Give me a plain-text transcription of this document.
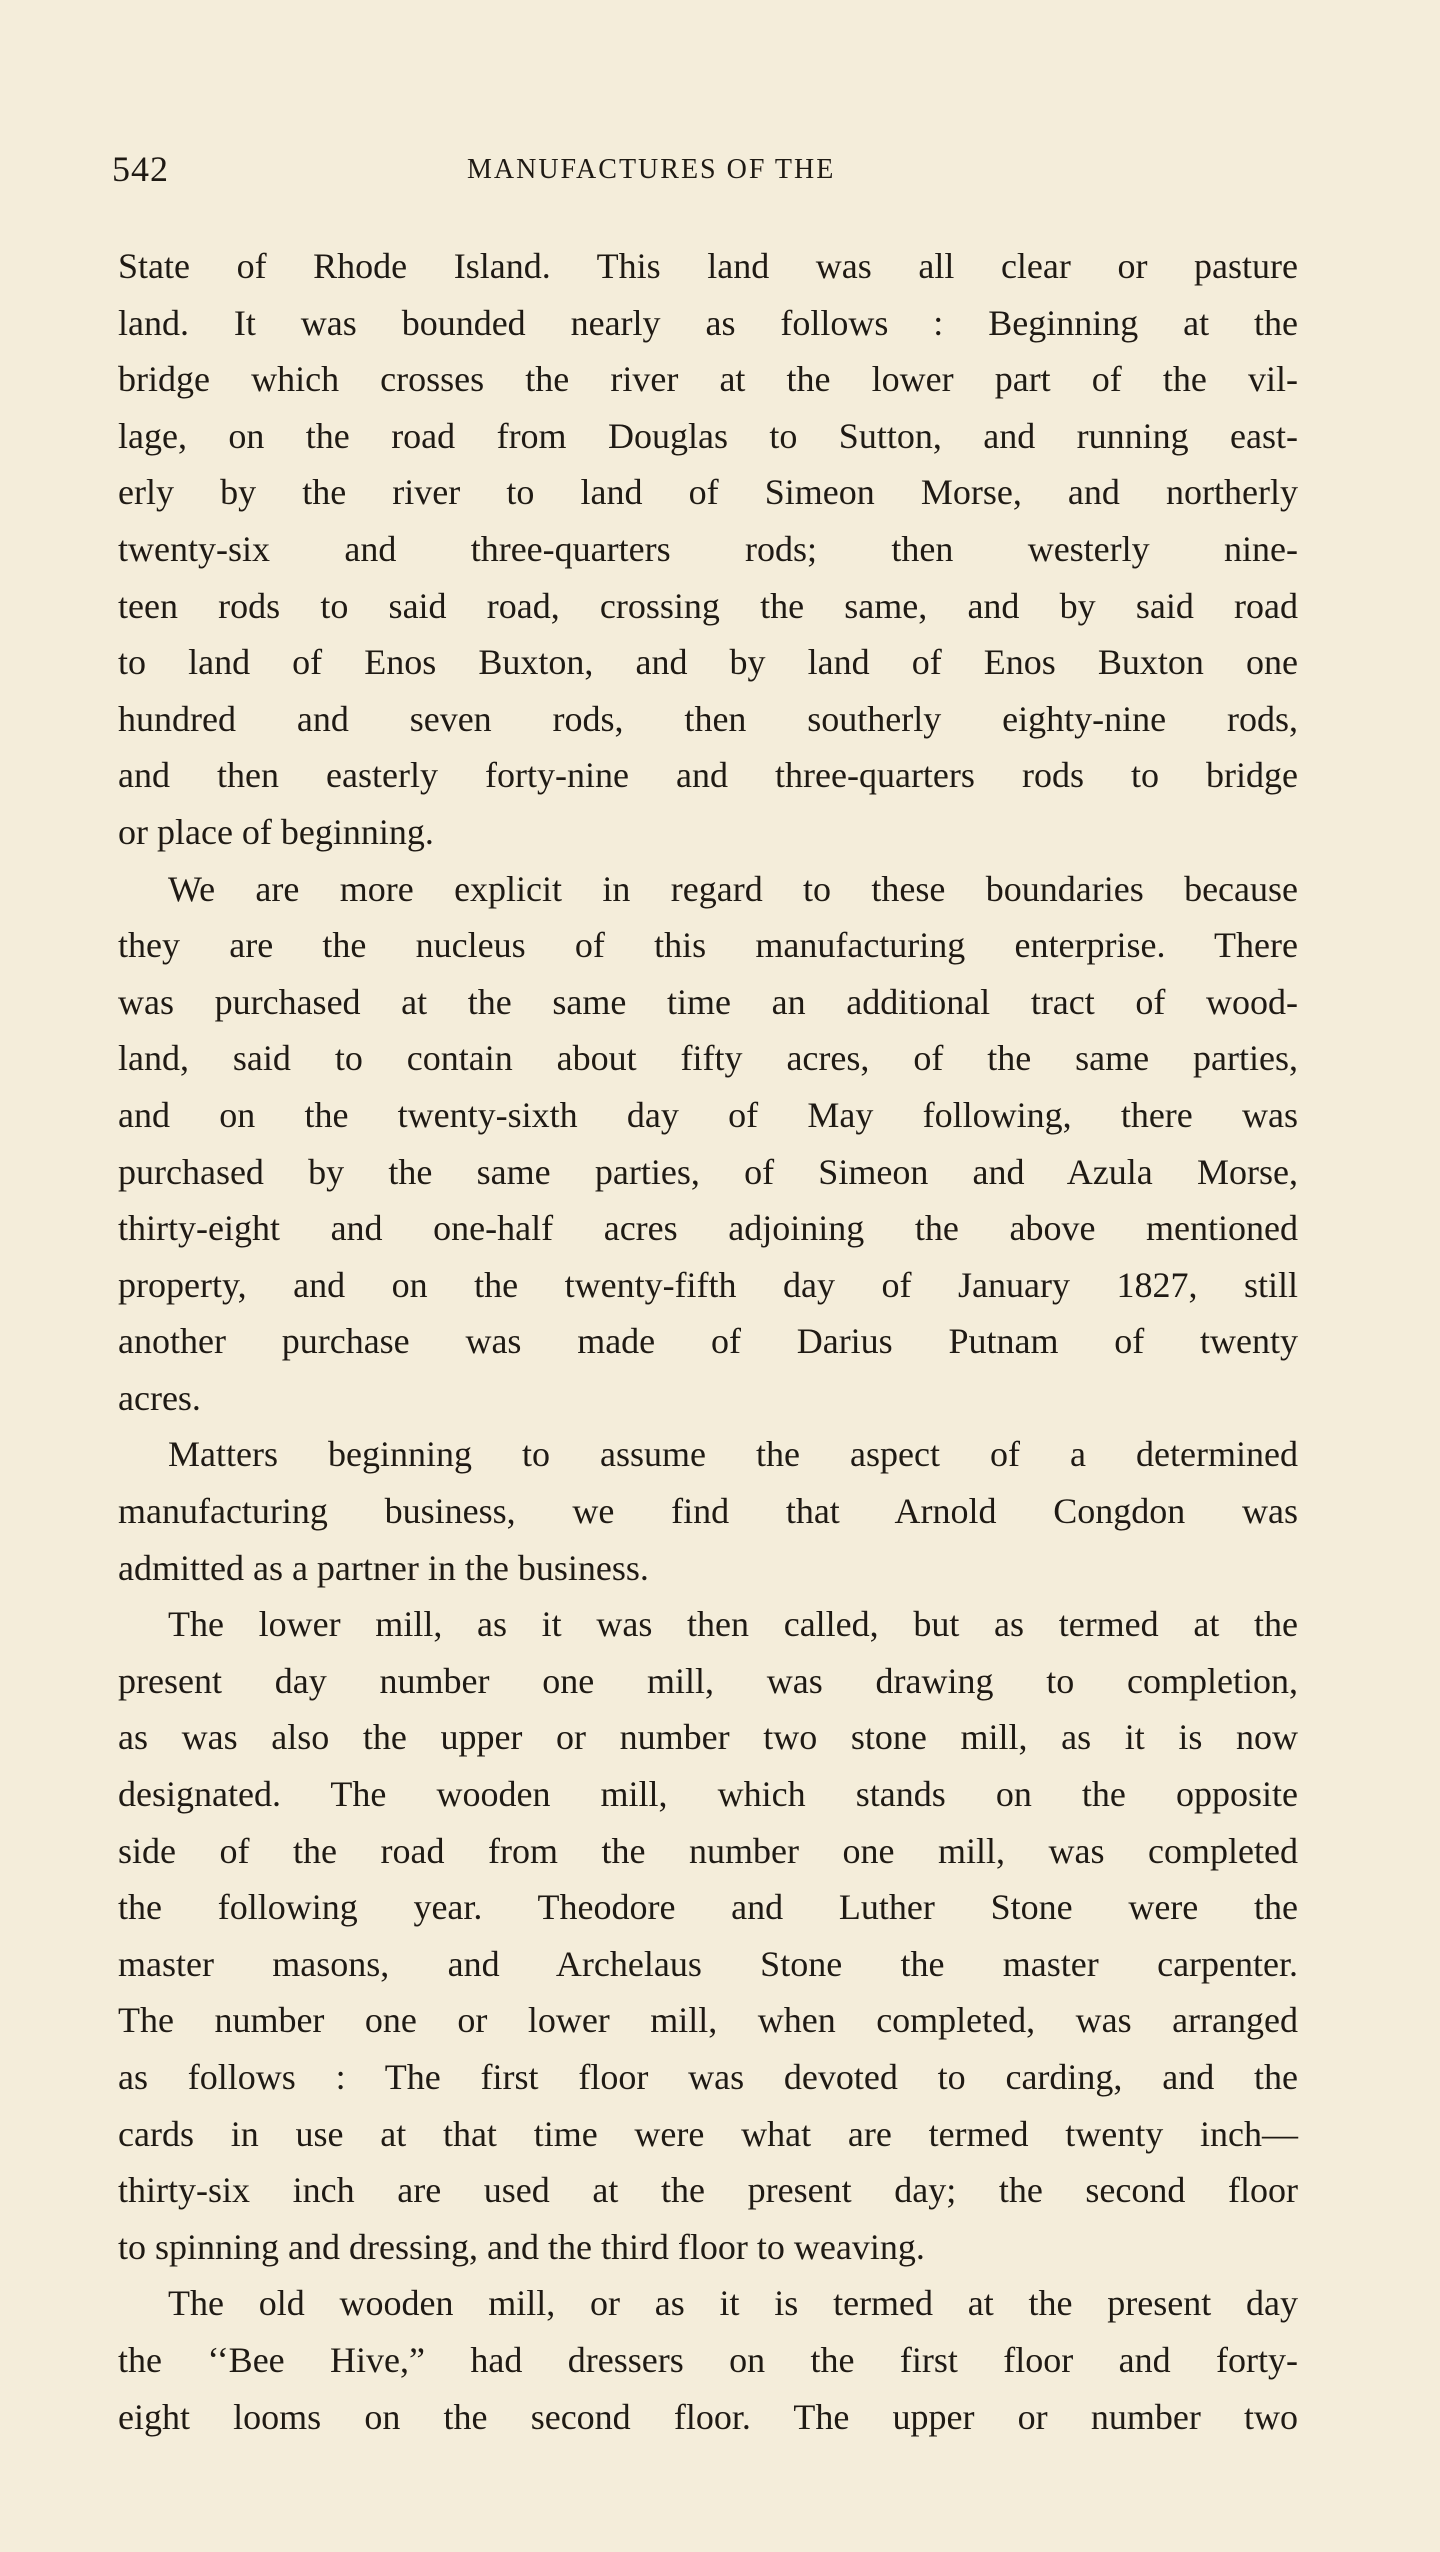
542	MANUFACTURES OF THE
State of Rhode Island. This land was all clear or pasture
land. It was bounded nearly as follows : Beginning at the
bridge which crosses the river at the lower part of the vil-
lage, on the road from Douglas to Sutton, and running east-
erly by the river to land of Simeon Morse, and northerly
twenty-six and three-quarters rods; then westerly nine-
teen rods to said road, crossing the same, and by said road
to land of Enos Buxton, and by land of Enos Buxton one
hundred and seven rods, then southerly eighty-nine rods,
and then easterly forty-nine and three-quarters rods to bridge
or place of beginning.
We are more explicit in regard to these boundaries because
they are the nucleus of this manufacturing enterprise. There
was purchased at the same time an additional tract of wood-
land, said to contain about fifty acres, of the same parties,
and on the twenty-sixth day of May following, there was
purchased by the same parties, of Simeon and Azula Morse,
thirty-eight and one-half acres adjoining the above mentioned
property, and on the twenty-fifth day of January 1827, still
another purchase was made of Darius Putnam of twenty
acres.
Matters beginning to assume the aspect of a determined
manufacturing business, we find that Arnold Congdon was
admitted as a partner in the business.
The lower mill, as it was then called, but as termed at the
present day number one mill, was drawing to completion,
as was also the upper or number two stone mill, as it is now
designated. The wooden mill, which stands on the opposite
side of the road from the number one mill, was completed
the following year. Theodore and Luther Stone were the
master masons, and Archelaus Stone the master carpenter.
The number one or lower mill, when completed, was arranged
as follows : The first floor was devoted to carding, and the
cards in use at that time were what are termed twenty inch—
thirty-six inch are used at the present day; the second floor
to spinning and dressing, and the third floor to weaving.
The old wooden mill, or as it is termed at the present day
the ‘‘Bee Hive,” had dressers on the first floor and forty-
eight looms on the second floor. The upper or number two
